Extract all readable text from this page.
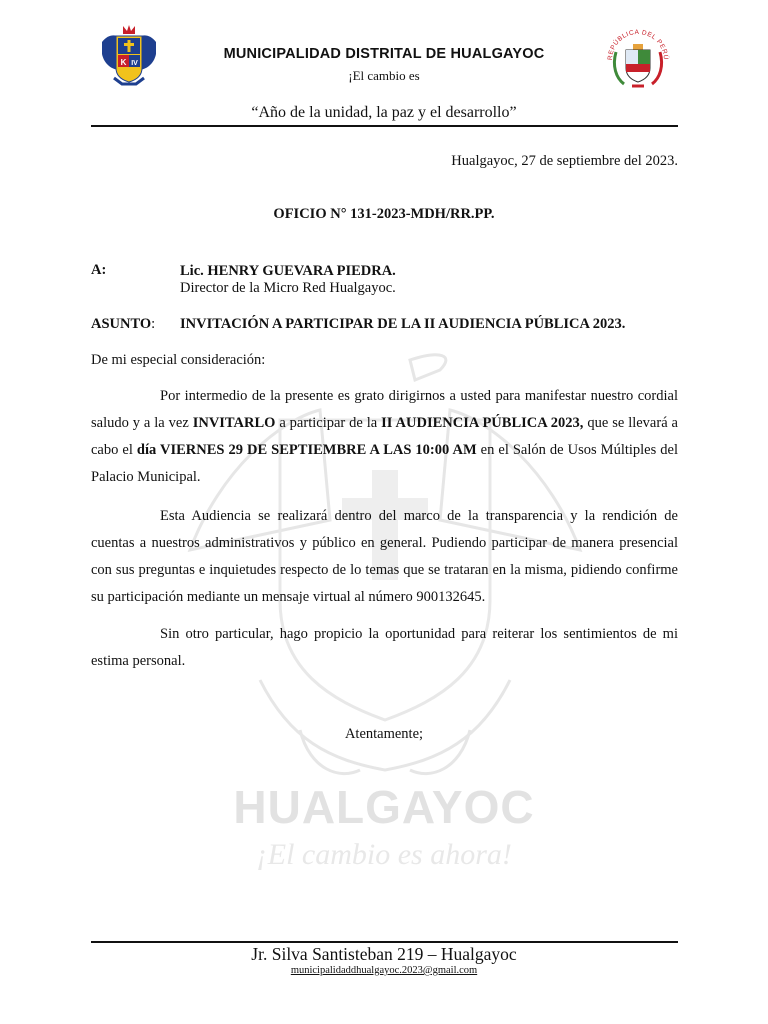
HUALGAYOC
¡El cambio es ahora!
K IV
MUNICIPALIDAD DISTRITAL DE HUALGAYOC
¡El cambio es
REPÚBLICA DEL PERÚ
“Año de la unidad, la paz y el desarrollo”
Hualgayoc, 27 de septiembre del 2023.
OFICIO N° 131-2023-MDH/RR.PP.
A:	Lic. HENRY GUEVARA PIEDRA.
Director de la Micro Red Hualgayoc.
ASUNTO: INVITACIÓN A PARTICIPAR DE LA II AUDIENCIA PÚBLICA 2023.
De mi especial consideración:
Por intermedio de la presente es grato dirigirnos a usted para manifestar nuestro cordial saludo y a la vez INVITARLO a participar de la II AUDIENCIA PÚBLICA 2023, que se llevará a cabo el día VIERNES 29 DE SEPTIEMBRE A LAS 10:00 AM en el Salón de Usos Múltiples del Palacio Municipal.
Esta Audiencia se realizará dentro del marco de la transparencia y la rendición de cuentas a nuestros administrativos y público en general. Pudiendo participar de manera presencial con sus preguntas e inquietudes respecto de lo temas que se trataran en la misma, pidiendo confirme su participación mediante un mensaje virtual al número 900132645.
Sin otro particular, hago propicio la oportunidad para reiterar los sentimientos de mi estima personal.
Atentamente;
Jr. Silva Santisteban 219 – Hualgayoc
municipalidaddhualgayoc.2023@gmail.com
